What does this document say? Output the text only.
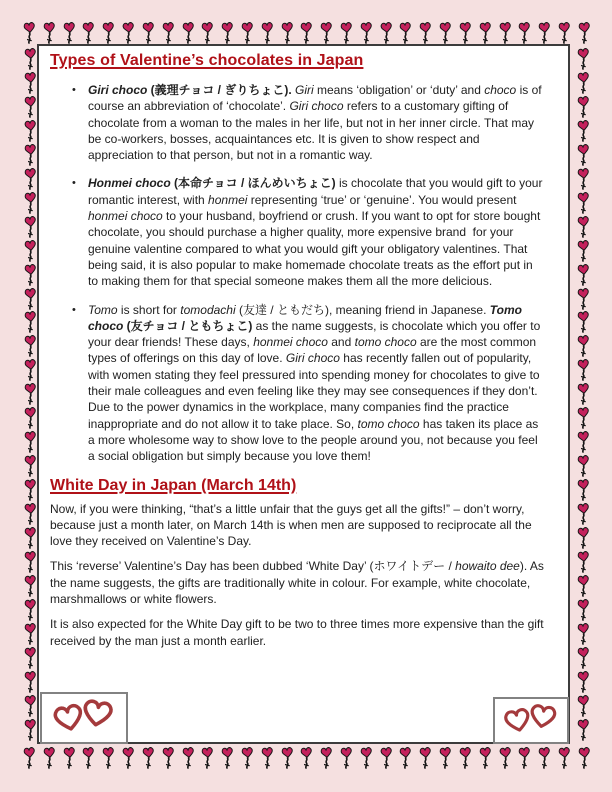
Types of Valentine’s chocolates in Japan
• Giri choco (義理チョコ / ぎりちょこ). Giri means ‘obligation’ or ‘duty’ and choco is of course an abbreviation of ‘chocolate’. Giri choco refers to a customary gifting of chocolate from a woman to the males in her life, but not in her inner circle. That may be co-workers, bosses, acquaintances etc. It is given to show respect and appreciation to that person, but not in a romantic way.
• Honmei choco (本命チョコ / ほんめいちょこ) is chocolate that you would gift to your romantic interest, with honmei representing ‘true’ or ‘genuine’. You would present honmei choco to your husband, boyfriend or crush. If you want to opt for store bought chocolate, you should purchase a higher quality, more expensive brand  for your genuine valentine compared to what you would gift your obligatory valentines. That being said, it is also popular to make homemade chocolate treats as the effort put in to making them for that special someone makes them all the more delicious.
• Tomo is short for tomodachi (友達 / ともだち), meaning friend in Japanese. Tomo choco (友チョコ / ともちょこ) as the name suggests, is chocolate which you offer to your dear friends! These days, honmei choco and tomo choco are the most common types of offerings on this day of love. Giri choco has recently fallen out of popularity, with women stating they feel pressured into spending money for chocolates to give to their male colleagues and even feeling like they may see consequences if they don’t. Due to the power dynamics in the workplace, many companies find the practice inappropriate and do not allow it to take place. So, tomo choco has taken its place as a more wholesome way to show love to the people around you, not because you feel a social obligation but simply because you love them!
White Day in Japan (March 14th)

Now, if you were thinking, “that’s a little unfair that the guys get all the gifts!” – don’t worry, because just a month later, on March 14th is when men are supposed to reciprocate all the love they received on Valentine’s Day.

This ‘reverse’ Valentine’s Day has been dubbed ‘White Day’ (ホワイトデー / howaito dee). As the name suggests, the gifts are traditionally white in colour. For example, white chocolate, marshmallows or white flowers.

It is also expected for the White Day gift to be two to three times more expensive than the gift received by the man just a month earlier.
